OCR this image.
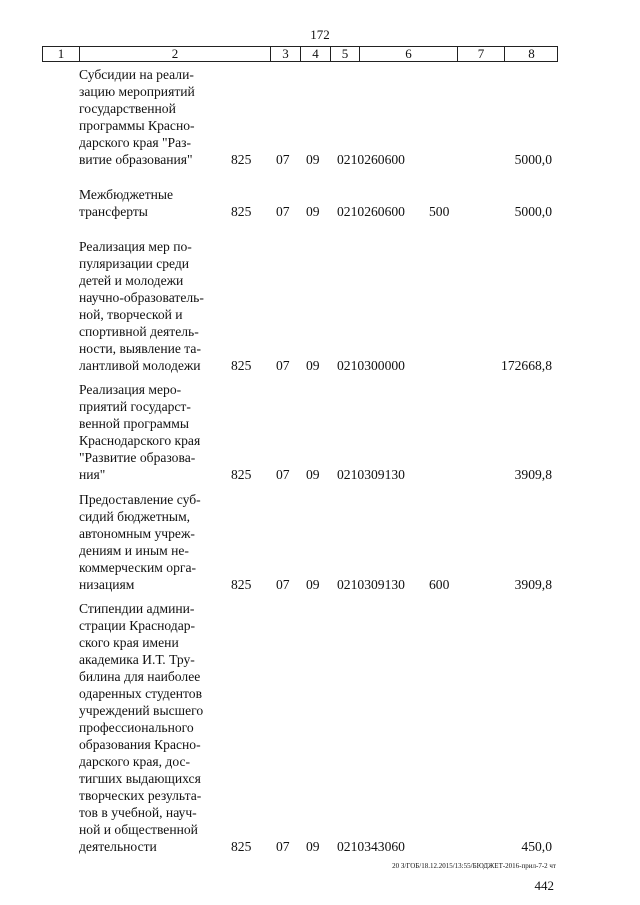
172
1	2	3	4	5	6	7	8
Субсидии на реали-
зацию мероприятий
государственной
программы Красно-
дарского края "Раз-
витие образования"	825 07 09 0210260600	5000,0
Межбюджетные
трансферты	825 07 09 0210260600 500	5000,0
Реализация мер по-
пуляризации среди
детей и молодежи
научно-образователь-
ной, творческой и
спортивной деятель-
ности, выявление та-
лантливой молодежи	825 07 09 0210300000	172668,8
Реализация меро-
приятий государст-
венной программы
Краснодарского края
"Развитие образова-
ния"	825 07 09 0210309130	3909,8
Предоставление суб-
сидий бюджетным,
автономным учреж-
дениям и иным не-
коммерческим орга-
низациям	825 07 09 0210309130 600	3909,8
Стипендии админи-
страции Краснодар-
ского края имени
академика И.Т. Тру-
билина для наиболее
одаренных студентов
учреждений высшего
профессионального
образования Красно-
дарского края, дос-
тигших выдающихся
творческих результа-
тов в учебной, науч-
ной и общественной
деятельности	825 07 09 0210343060	450,0
20 З/ГОБ/18.12.2015/13:55/БЮДЖЕТ-2016-прил-7-2 чт
442
